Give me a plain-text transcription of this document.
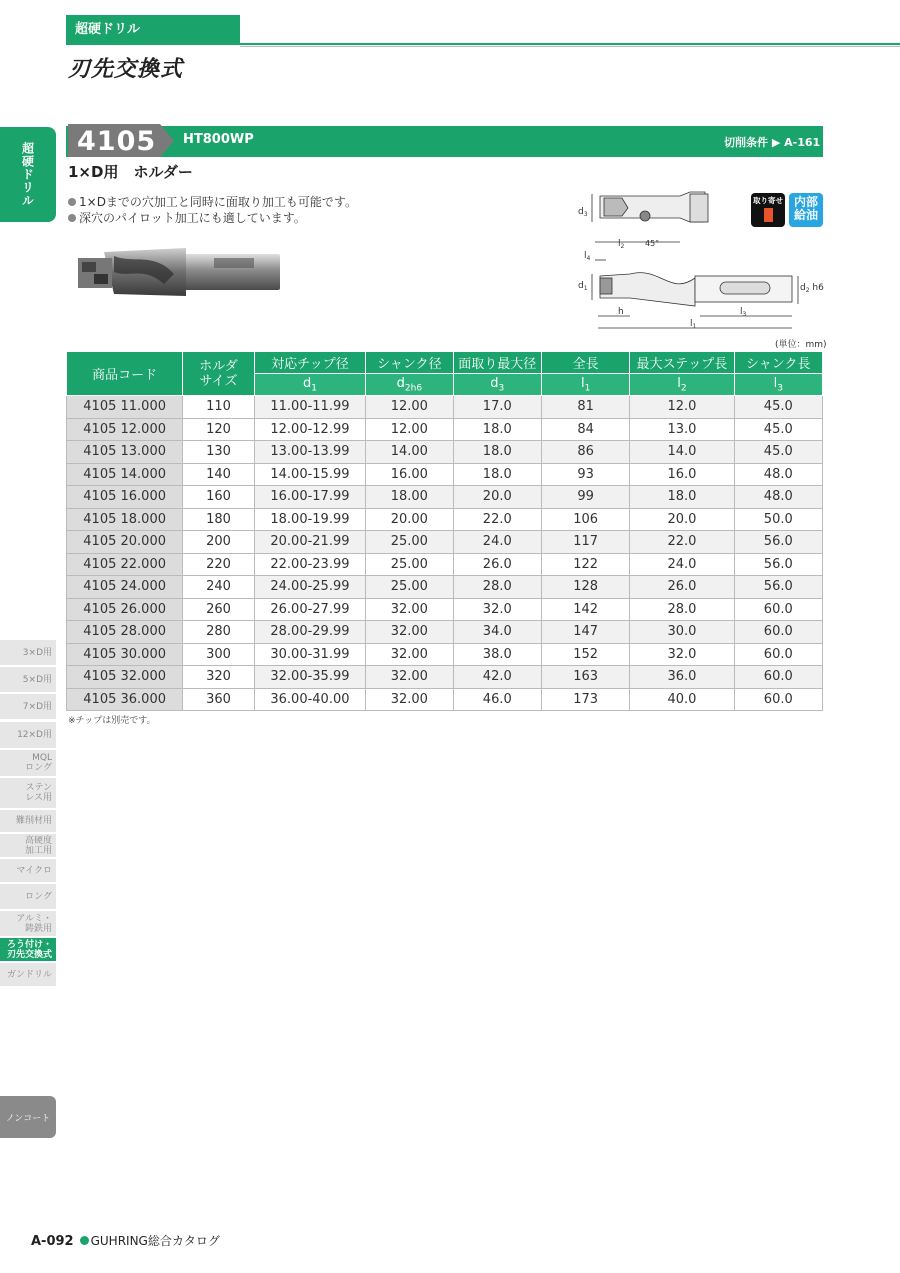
超硬ドリル
刃先交換式
超硬ドリル
4105 HT800WP	切削条件 ▶ A-161
1×D用　ホルダー
1×Dまでの穴加工と同時に面取り加工も可能です。
深穴のパイロット加工にも適しています。	$d_3$
$l_2$	45°
$l_4$
$d_1$	$d_2$ h6
h	$l_3$
$l_1$
取り寄せ 内部
給油
(単位：mm)
商品コード	ホルダ
サイズ	対応チップ径	シャンク径	面取り最大径	全長	最大ステップ長	シャンク長
		$d_1$	$d_{2h6}$	$d_3$	$l_1$	$l_2$	$l_3$
4105 11.000	110	11.00-11.99	12.00	17.0	81	12.0	45.0
4105 12.000	120	12.00-12.99	12.00	18.0	84	13.0	45.0
4105 13.000	130	13.00-13.99	14.00	18.0	86	14.0	45.0
4105 14.000	140	14.00-15.99	16.00	18.0	93	16.0	48.0
4105 16.000	160	16.00-17.99	18.00	20.0	99	18.0	48.0
4105 18.000	180	18.00-19.99	20.00	22.0	106	20.0	50.0
4105 20.000	200	20.00-21.99	25.00	24.0	117	22.0	56.0
4105 22.000	220	22.00-23.99	25.00	26.0	122	24.0	56.0
4105 24.000	240	24.00-25.99	25.00	28.0	128	26.0	56.0
4105 26.000	260	26.00-27.99	32.00	32.0	142	28.0	60.0
4105 28.000	280	28.00-29.99	32.00	34.0	147	30.0	60.0
4105 30.000	300	30.00-31.99	32.00	38.0	152	32.0	60.0
4105 32.000	320	32.00-35.99	32.00	42.0	163	36.0	60.0
4105 36.000	360	36.00-40.00	32.00	46.0	173	40.0	60.0
※チップは別売です。
3×D用
5×D用
7×D用
12×D用
MQL
ロング
ステン
レス用
難削材用
高硬度
加工用
マイクロ
ロング
アルミ・
鋳鉄用
ろう付け・
刃先交換式
ガンドリル
ノンコート
A-092 GUHRING総合カタログ
